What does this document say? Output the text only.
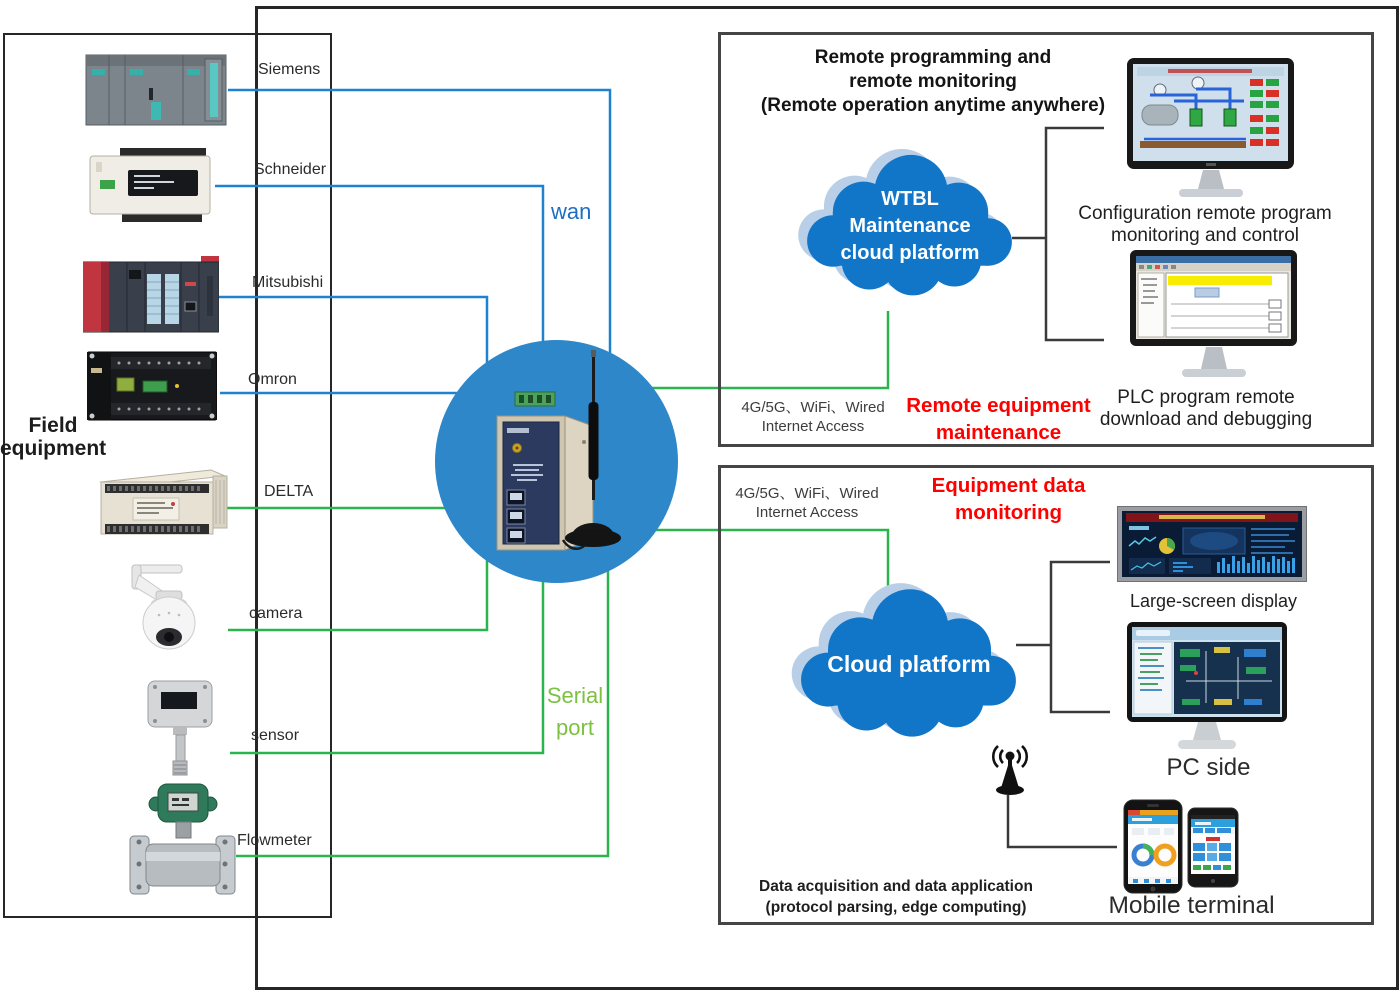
Field
equipment
Siemens
Schneider
Mitsubishi
Omron
DELTA
camera
sensor
Flowmeter
wan
Serial
port
Remote programming and
remote monitoring
(Remote operation anytime anywhere)
WTBL
Maintenance
cloud platform
4G/5G、WiFi、Wired
Internet Access
Remote equipment
maintenance
Configuration remote program
monitoring and control
PLC program remote
download and debugging
4G/5G、WiFi、Wired
Internet Access
Equipment data
monitoring
Cloud platform
Large-screen display
PC side
Mobile terminal
Data acquisition and data application
(protocol parsing, edge computing)
